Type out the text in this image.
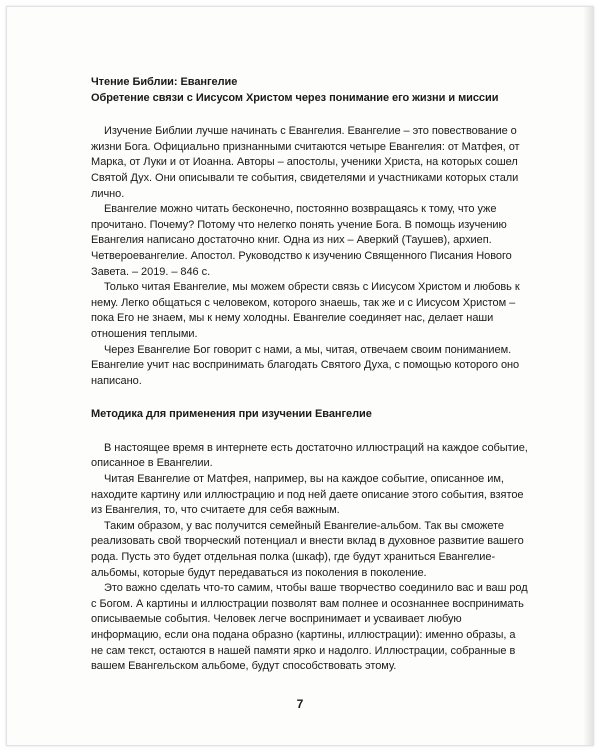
Чтение Библии: Евангелие

Обретение связи с Иисусом Христом через понимание его жизни и миссии

Изучение Библии лучше начинать с Евангелия. Евангелие – это повествование о жизни Бога. Официально признанными считаются четыре Евангелия: от Матфея, от Марка, от Луки и от Иоанна. Авторы – апостолы, ученики Христа, на которых сошел Святой Дух. Они описывали те события, свидетелями и участниками которых стали лично.

Евангелие можно читать бесконечно, постоянно возвращаясь к тому, что уже прочитано. Почему? Потому что нелегко понять учение Бога. В помощь изучению Евангелия написано достаточно книг. Одна из них – Аверкий (Таушев), архиеп. Четвероевангелие. Апостол. Руководство к изучению Священного Писания Нового Завета. – 2019. – 846 с.

Только читая Евангелие, мы можем обрести связь с Иисусом Христом и любовь к нему. Легко общаться с человеком, которого знаешь, так же и с Иисусом Христом – пока Его не знаем, мы к нему холодны. Евангелие соединяет нас, делает наши отношения теплыми.

Через Евангелие Бог говорит с нами, а мы, читая, отвечаем своим пониманием. Евангелие учит нас воспринимать благодать Святого Духа, с помощью которого оно написано.

Методика для применения при изучении Евангелие

В настоящее время в интернете есть достаточно иллюстраций на каждое событие, описанное в Евангелии.

Читая Евангелие от Матфея, например, вы на каждое событие, описанное им, находите картину или иллюстрацию и под ней даете описание этого события, взятое из Евангелия, то, что считаете для себя важным.

Таким образом, у вас получится семейный Евангелие-альбом. Так вы сможете реализовать свой творческий потенциал и внести вклад в духовное развитие вашего рода. Пусть это будет отдельная полка (шкаф), где будут храниться Евангелие-альбомы, которые будут передаваться из поколения в поколение.

Это важно сделать что-то самим, чтобы ваше творчество соединило вас и ваш род с Богом. А картины и иллюстрации позволят вам полнее и осознаннее воспринимать описываемые события. Человек легче воспринимает и усваивает любую информацию, если она подана образно (картины, иллюстрации): именно образы, а не сам текст, остаются в нашей памяти ярко и надолго. Иллюстрации, собранные в вашем Евангельском альбоме, будут способствовать этому.

7
